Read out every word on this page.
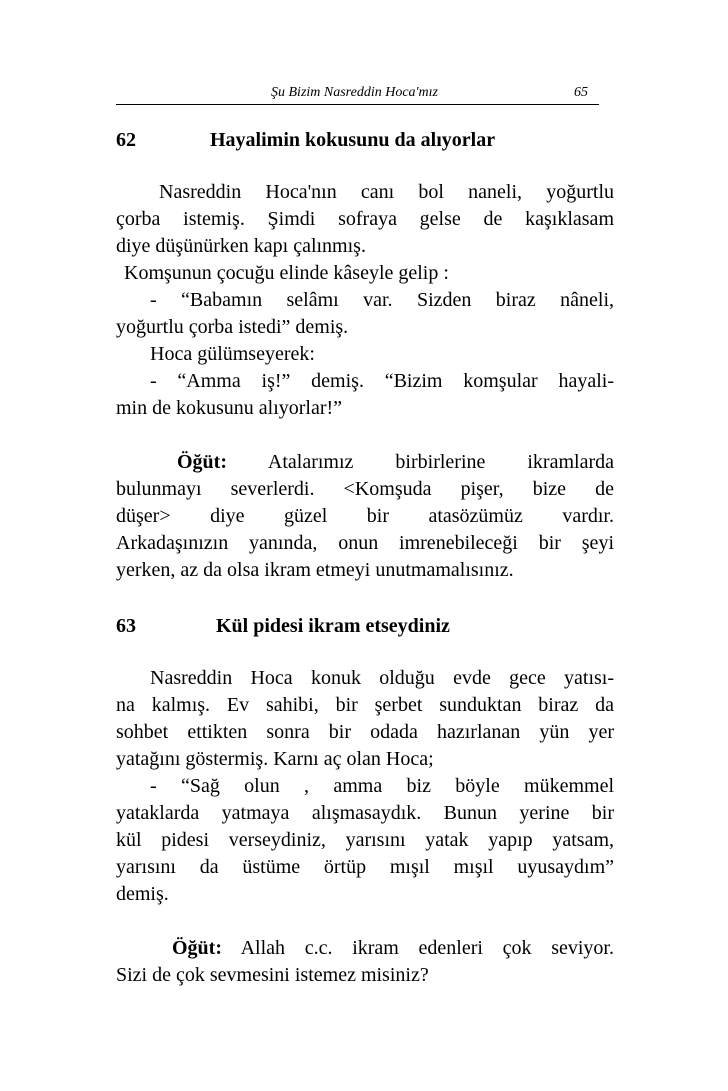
Şu Bizim Nasreddin Hoca'mız	65
62	Hayalimin kokusunu da alıyorlar
Nasreddin Hoca'nın canı bol naneli, yoğurtlu
çorba istemiş. Şimdi sofraya gelse de kaşıklasam
diye düşünürken kapı çalınmış.
Komşunun çocuğu elinde kâseyle gelip :
- “Babamın selâmı var. Sizden biraz nâneli,
yoğurtlu çorba istedi” demiş.
Hoca gülümseyerek:
- “Amma iş!” demiş. “Bizim komşular hayali-
min de kokusunu alıyorlar!”
Öğüt: Atalarımız birbirlerine ikramlarda
bulunmayı severlerdi. <Komşuda pişer, bize de
düşer> diye güzel bir atasözümüz vardır.
Arkadaşınızın yanında, onun imrenebileceği bir şeyi
yerken, az da olsa ikram etmeyi unutmamalısınız.
63	Kül pidesi ikram etseydiniz
Nasreddin Hoca konuk olduğu evde gece yatısı-
na kalmış. Ev sahibi, bir şerbet sunduktan biraz da
sohbet ettikten sonra bir odada hazırlanan yün yer
yatağını göstermiş. Karnı aç olan Hoca;
- “Sağ olun , amma biz böyle mükemmel
yataklarda yatmaya alışmasaydık. Bunun yerine bir
kül pidesi verseydiniz, yarısını yatak yapıp yatsam,
yarısını da üstüme örtüp mışıl mışıl uyusaydım”
demiş.
Öğüt: Allah c.c. ikram edenleri çok seviyor.
Sizi de çok sevmesini istemez misiniz?
